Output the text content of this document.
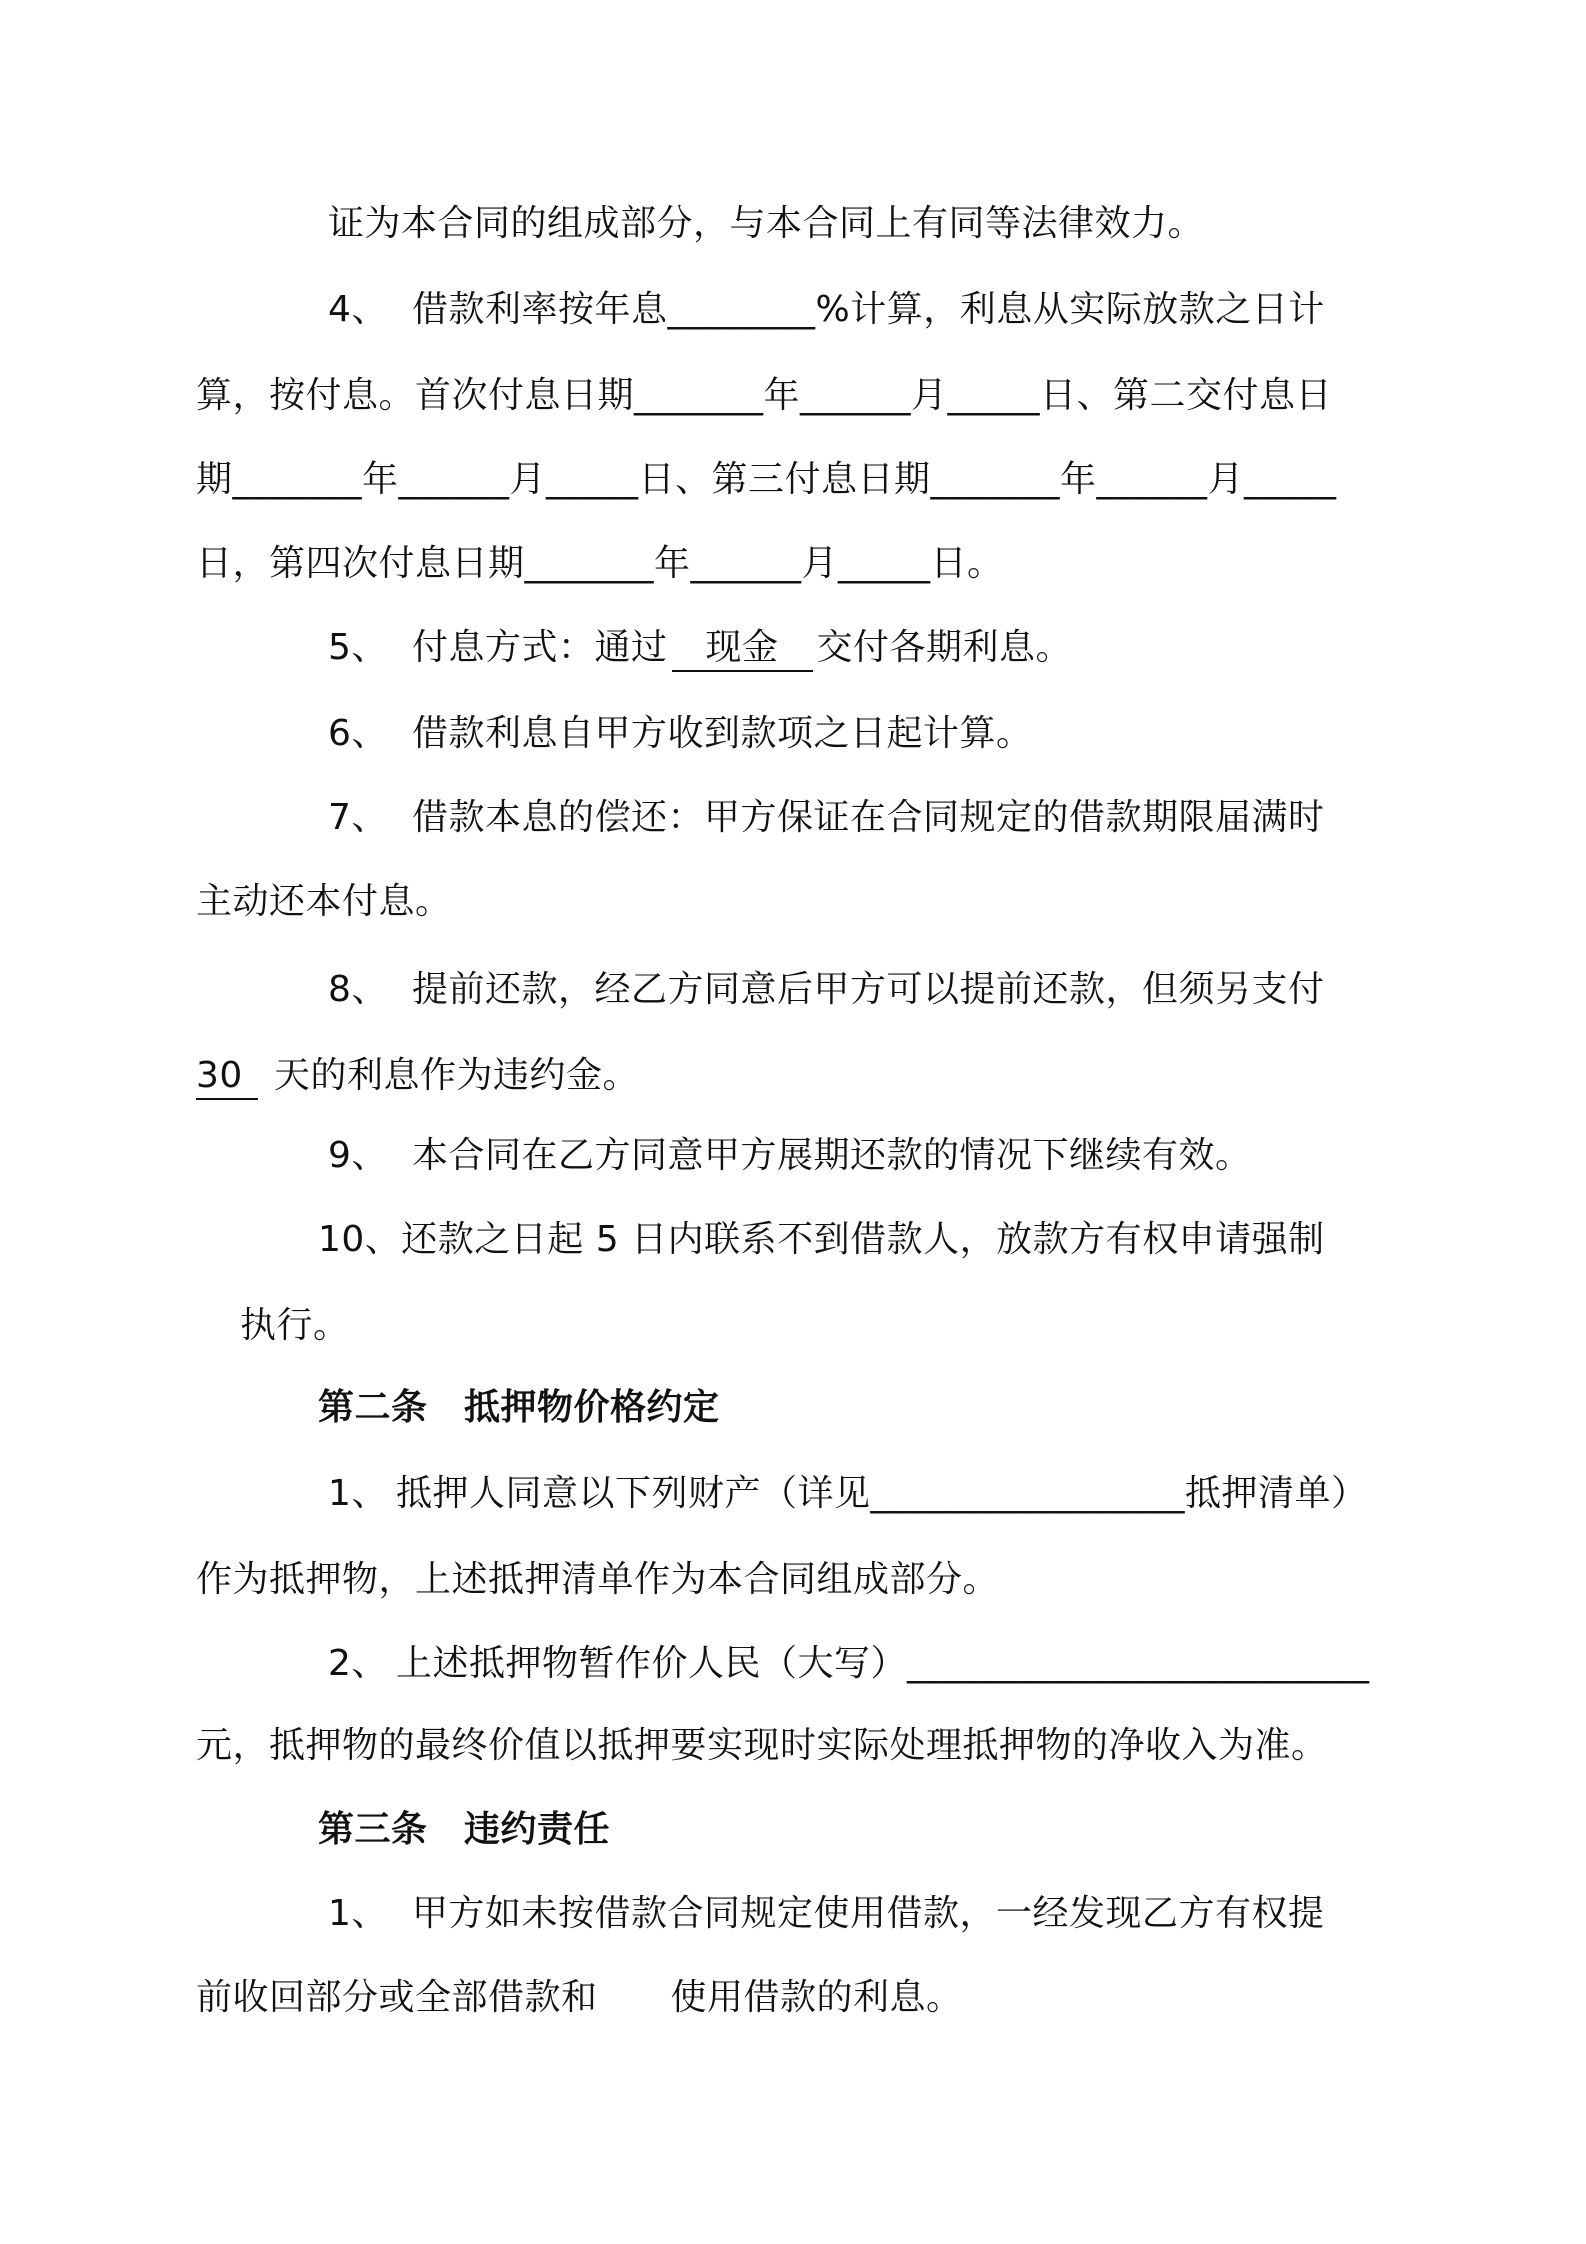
证为本合同的组成部分，与本合同上有同等法律效力。
4、 借款利率按年息________%计算，利息从实际放款之日计
算，按付息。首次付息日期_______年______月_____日、第二交付息日
期_______年______月_____日、第三付息日期_______年______月_____
日，第四次付息日期_______年______月_____日。
5、 付息方式：通过 现金 交付各期利息。
6、 借款利息自甲方收到款项之日起计算。
7、 借款本息的偿还：甲方保证在合同规定的借款期限届满时
主动还本付息。
8、 提前还款，经乙方同意后甲方可以提前还款，但须另支付
30 天的利息作为违约金。
9、 本合同在乙方同意甲方展期还款的情况下继续有效。
10、还款之日起 5 日内联系不到借款人，放款方有权申请强制
执行。
第二条　抵押物价格约定
1、 抵押人同意以下列财产（详见_________________抵押清单）
作为抵押物，上述抵押清单作为本合同组成部分。
2、 上述抵押物暂作价人民（大写）_________________________
元，抵押物的最终价值以抵押要实现时实际处理抵押物的净收入为准。
第三条　违约责任
1、 甲方如未按借款合同规定使用借款，一经发现乙方有权提
前收回部分或全部借款和　　使用借款的利息。
